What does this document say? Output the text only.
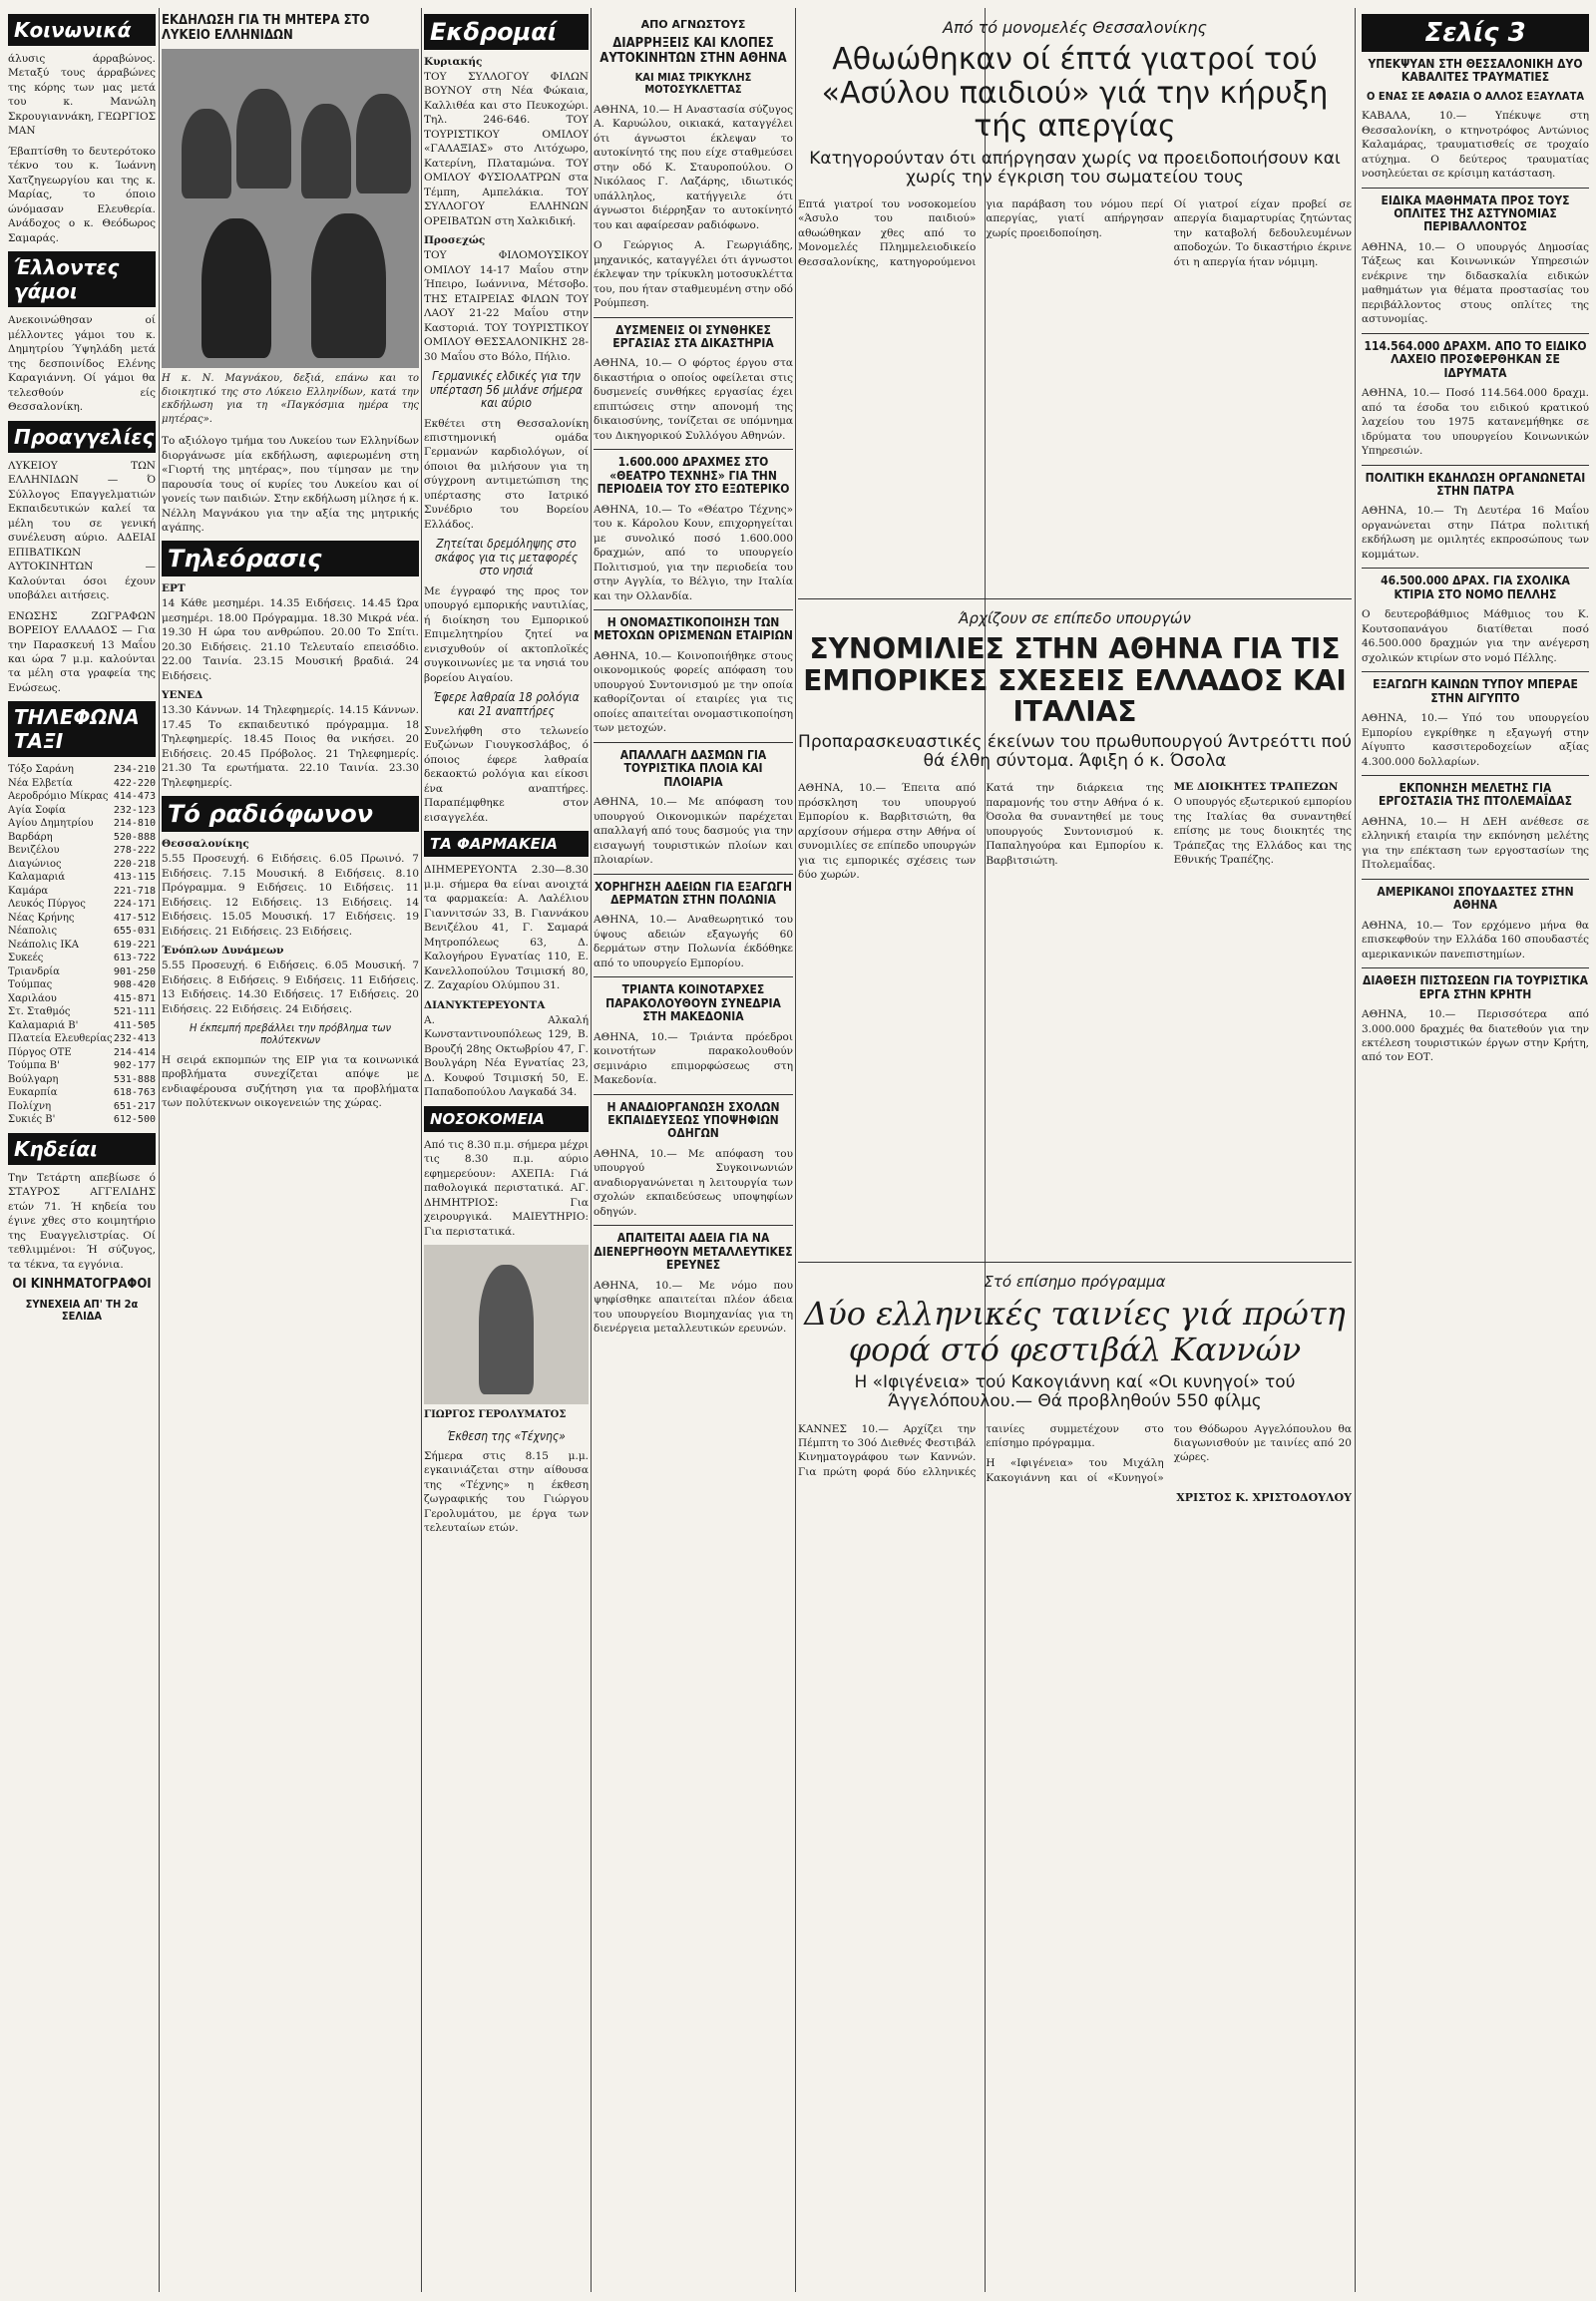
Κοινωνικά

άλυσις άρραβώνος. Μεταξύ τους άρραβώνες της κόρης των μας μετά του κ. Μανώλη Σκρουγιαννάκη, ΓΕΩΡΓΙΟΣ ΜΑΝ

Έβαπτίσθη το δευτερότοκο τέκνο του κ. Ίωάννη Χατζηγεωργίου και της κ. Μαρίας, το όποιο ώνόμασαν Ελευθερία. Ανάδοχος ο κ. Θεόδωρος Σαμαράς.

Έλλοντες γάμοι

Ανεκοινώθησαν οί μέλλοντες γάμοι του κ. Δημητρίου Ύψηλάδη μετά της δεσποινίδος Ελένης Καραγιάννη. Οί γάμοι θα τελεσθούν είς Θεσσαλονίκη.

Προαγγελίες

ΛΥΚΕΙΟΥ ΤΩΝ ΕΛΛΗΝΙΔΩΝ — Ό Σύλλογος Επαγγελματιών Εκπαιδευτικών καλεί τα μέλη του σε γενική συνέλευση αύριο. ΑΔΕΙΑΙ ΕΠΙΒΑΤΙΚΩΝ ΑΥΤΟΚΙΝΗΤΩΝ — Καλούνται όσοι έχουν υποβάλει αιτήσεις.

ΕΝΩΣΗΣ ΖΩΓΡΑΦΩΝ ΒΟΡΕΙΟΥ ΕΛΛΑΔΟΣ — Για την Παρασκευή 13 Μαΐου και ώρα 7 μ.μ. καλούνται τα μέλη στα γραφεία της Ενώσεως.

ΤΗΛΕΦΩΝΑ ΤΑΞΙ
Τόξο Σαράνη	234-210
Νέα Ελβετία	422-220
Αεροδρόμιο Μίκρας	414-473
Αγία Σοφία	232-123
Αγίου Δημητρίου	214-810
Βαρδάρη	520-888
Βενιζέλου	278-222
Διαγώνιος	220-218
Καλαμαριά	413-115
Καμάρα	221-718
Λευκός Πύργος	224-171
Νέας Κρήνης	417-512
Νέαπολις	655-031
Νεάπολις ΙΚΑ	619-221
Συκεές	613-722
Τριανδρία	901-250
Τούμπας	908-420
Χαριλάου	415-871
Στ. Σταθμός	521-111
Καλαμαριά Β'	411-505
Πλατεία Ελευθερίας	232-413
Πύργος ΟΤΕ	214-414
Τούμπα Β'	902-177
Βούλγαρη	531-888
Ευκαρπία	618-763
Πολίχνη	651-217
Συκιές Β'	612-500
Κηδείαι

Την Τετάρτη απεβίωσε ό ΣΤΑΥΡΟΣ ΑΓΓΕΛΙΔΗΣ ετών 71. Ή κηδεία του έγινε χθες στο κοιμητήριο της Ευαγγελιστρίας. Οί τεθλιμμένοι: Ή σύζυγος, τα τέκνα, τα εγγόνια.

ΟΙ ΚΙΝΗΜΑΤΟΓΡΑΦΟΙ
ΣΥΝΕΧΕΙΑ ΑΠ' ΤΗ 2α ΣΕΛΙΔΑ
ΕΚΔΗΛΩΣΗ ΓΙΑ ΤΗ ΜΗΤΕΡΑ ΣΤΟ ΛΥΚΕΙΟ ΕΛΛΗΝΙΔΩΝ
Η κ. Ν. Μαγνάκου, δεξιά, επάνω και το διοικητικό της στο Λύκειο Ελληνίδων, κατά την εκδήλωση για τη «Παγκόσμια ημέρα της μητέρας».

Το αξιόλογο τμήμα του Λυκείου των Ελληνίδων διοργάνωσε μία εκδήλωση, αφιερωμένη στη «Γιορτή της μητέρας», που τίμησαν με την παρουσία τους οί κυρίες του Λυκείου και οί γονείς των παιδιών. Στην εκδήλωση μίλησε ή κ. Νέλλη Μαγνάκου για την αξία της μητρικής αγάπης.

Τηλεόρασις
ΕΡΤ

14 Κάθε μεσημέρι. 14.35 Ειδήσεις. 14.45 Ώρα μεσημέρι. 18.00 Πρόγραμμα. 18.30 Μικρά νέα. 19.30 Η ώρα του ανθρώπου. 20.00 Το Σπίτι. 20.30 Ειδήσεις. 21.10 Τελευταίο επεισόδιο. 22.00 Ταινία. 23.15 Μουσική βραδιά. 24 Ειδήσεις.

ΥΕΝΕΔ

13.30 Κάννων. 14 Τηλεφημερίς. 14.15 Κάννων. 17.45 Το εκπαιδευτικό πρόγραμμα. 18 Τηλεφημερίς. 18.45 Ποιος θα νικήσει. 20 Ειδήσεις. 20.45 Πρόβολος. 21 Τηλεφημερίς. 21.30 Τα ερωτήματα. 22.10 Ταινία. 23.30 Τηλεφημερίς.

Τό ραδιόφωνον
Θεσσαλονίκης

5.55 Προσευχή. 6 Ειδήσεις. 6.05 Πρωινό. 7 Ειδήσεις. 7.15 Μουσική. 8 Ειδήσεις. 8.10 Πρόγραμμα. 9 Ειδήσεις. 10 Ειδήσεις. 11 Ειδήσεις. 12 Ειδήσεις. 13 Ειδήσεις. 14 Ειδήσεις. 15.05 Μουσική. 17 Ειδήσεις. 19 Ειδήσεις. 21 Ειδήσεις. 23 Ειδήσεις.

Ένόπλων Δυνάμεων

5.55 Προσευχή. 6 Ειδήσεις. 6.05 Μουσική. 7 Ειδήσεις. 8 Ειδήσεις. 9 Ειδήσεις. 11 Ειδήσεις. 13 Ειδήσεις. 14.30 Ειδήσεις. 17 Ειδήσεις. 20 Ειδήσεις. 22 Ειδήσεις. 24 Ειδήσεις.

Η έκπεμπή πρεβάλλει την πρόβλημα των πολύτεκνων

Η σειρά εκπομπών της ΕΙΡ για τα κοινωνικά προβλήματα συνεχίζεται απόψε με ενδιαφέρουσα συζήτηση για τα προβλήματα των πολύτεκνων οικογενειών της χώρας.

Εκδρομαί
Κυριακής

ΤΟΥ ΣΥΛΛΟΓΟΥ ΦΙΛΩΝ ΒΟΥΝΟΥ στη Νέα Φώκαια, Καλλιθέα και στο Πευκοχώρι. Τηλ. 246-646. ΤΟΥ ΤΟΥΡΙΣΤΙΚΟΥ ΟΜΙΛΟΥ «ΓΑΛΑΞΙΑΣ» στο Λιτόχωρο, Κατερίνη, Πλαταμώνα. ΤΟΥ ΟΜΙΛΟΥ ΦΥΣΙΟΛΑΤΡΩΝ στα Τέμπη, Αμπελάκια. ΤΟΥ ΣΥΛΛΟΓΟΥ ΕΛΛΗΝΩΝ ΟΡΕΙΒΑΤΩΝ στη Χαλκιδική.

Πρoσεχώς

ΤΟΥ ΦΙΛΟΜΟΥΣΙΚΟΥ ΟΜΙΛΟΥ 14-17 Μαΐου στην Ήπειρο, Ιωάννινα, Μέτσοβο. ΤΗΣ ΕΤΑΙΡΕΙΑΣ ΦΙΛΩΝ ΤΟΥ ΛΑΟΥ 21-22 Μαΐου στην Καστοριά. ΤΟΥ ΤΟΥΡΙΣΤΙΚΟΥ ΟΜΙΛΟΥ ΘΕΣΣΑΛΟΝΙΚΗΣ 28-30 Μαΐου στο Βόλο, Πήλιο.

Γερμανικές ελδικές για την υπέρταση 56 μιλάνε σήμερα και αύριο

Εκθέτει στη Θεσσαλονίκη επιστημονική ομάδα Γερμανών καρδιολόγων, οί όποιοι θα μιλήσουν για τη σύγχρονη αντιμετώπιση της υπέρτασης στο Ιατρικό Συνέδριο του Βορείου Ελλάδος.

Ζητείται δρεμόληψης στο σκάφος για τις μεταφορές στο νησιά

Με έγγραφό της προς τον υπουργό εμπορικής ναυτιλίας, ή διοίκηση του Εμπορικού Επιμελητηρίου ζητεί να ενισχυθούν οί ακτοπλοϊκές συγκοινωνίες με τα νησιά του βορείου Αιγαίου.

Έφερε λαθραία 18 ρολόγια και 21 αναπτήρες

Συνελήφθη στο τελωνείο Ευζώνων Γιουγκοσλάβος, ό όποιος έφερε λαθραία δεκαοκτώ ρολόγια και είκοσι ένα αναπτήρες. Παραπέμφθηκε στον εισαγγελέα.

ΤΑ ΦΑΡΜΑΚΕΙΑ

ΔΙΗΜΕΡΕΥΟΝΤΑ 2.30—8.30 μ.μ. σήμερα θα είναι ανοιχτά τα φαρμακεία: Α. Λαλέλιου Γιαννιτσών 33, Β. Γιαννάκου Βενιζέλου 41, Γ. Σαμαρά Μητροπόλεως 63, Δ. Καλογήρου Εγνατίας 110, Ε. Κανελλοπούλου Τσιμισκή 80, Ζ. Ζαχαρίου Ολύμπου 31.

ΔΙΑΝΥΚΤΕΡΕΥΟΝΤΑ

Α. Αλκαλή Κωνσταντινουπόλεως 129, Β. Βρουζή 28ης Οκτωβρίου 47, Γ. Βουλγάρη Νέα Εγνατίας 23, Δ. Κουφού Τσιμισκή 50, Ε. Παπαδοπούλου Λαγκαδά 34.

ΝΟΣΟΚΟΜΕΙΑ

Από τις 8.30 π.μ. σήμερα μέχρι τις 8.30 π.μ. αύριο εφημερεύουν: ΑΧΕΠΑ: Γιά παθολογικά περιστατικά. ΑΓ. ΔΗΜΗΤΡΙΟΣ: Για χειρουργικά. ΜΑΙΕΥΤΗΡΙΟ: Για περιστατικά.

ΓΙΩΡΓΟΣ ΓΕΡΟΛΥΜΑΤΟΣ
Έκθεση της «Τέχνης»

Σήμερα στις 8.15 μ.μ. εγκαινιάζεται στην αίθουσα της «Τέχνης» η έκθεση ζωγραφικής του Γιώργου Γερολυμάτου, με έργα των τελευταίων ετών.

ΑΠΟ ΑΓΝΩΣΤΟΥΣ
ΔΙΑΡΡΗΞΕΙΣ ΚΑΙ ΚΛΟΠΕΣ ΑΥΤΟΚΙΝΗΤΩΝ ΣΤΗΝ ΑΘΗΝΑ
ΚΑΙ ΜΙΑΣ ΤΡΙΚΥΚΛΗΣ ΜΟΤΟΣΥΚΛΕΤΤΑΣ

ΑΘΗΝΑ, 10.— Η Αναστασία σύζυγος Α. Καρυώλου, οικιακά, καταγγέλει ότι άγνωστοι έκλεψαν το αυτοκίνητό της που είχε σταθμεύσει στην οδό Κ. Σταυροπούλου. Ο Νικόλαος Γ. Λαζάρης, ιδιωτικός υπάλληλος, κατήγγειλε ότι άγνωστοι διέρρηξαν το αυτοκίνητό του και αφαίρεσαν ραδιόφωνο.

Ο Γεώργιος Α. Γεωργιάδης, μηχανικός, καταγγέλει ότι άγνωστοι έκλεψαν την τρίκυκλη μοτοσυκλέττα του, που ήταν σταθμευμένη στην οδό Ρούμπεση.

ΔΥΣΜΕΝΕΙΣ ΟΙ ΣΥΝΘΗΚΕΣ ΕΡΓΑΣΙΑΣ ΣΤΑ ΔΙΚΑΣΤΗΡΙΑ

ΑΘΗΝΑ, 10.— Ο φόρτος έργου στα δικαστήρια ο οποίος οφείλεται στις δυσμενείς συνθήκες εργασίας έχει επιπτώσεις στην απονομή της δικαιοσύνης, τονίζεται σε υπόμνημα του Δικηγορικού Συλλόγου Αθηνών.

1.600.000 ΔΡΑΧΜΕΣ ΣΤΟ «ΘΕΑΤΡΟ ΤΕΧΝΗΣ» ΓΙΑ ΤΗΝ ΠΕΡΙΟΔΕΙΑ ΤΟΥ ΣΤΟ ΕΞΩΤΕΡΙΚΟ

ΑΘΗΝΑ, 10.— Το «Θέατρο Τέχνης» του κ. Κάρολου Κουν, επιχορηγείται με συνολικό ποσό 1.600.000 δραχμών, από το υπουργείο Πολιτισμού, για την περιοδεία του στην Αγγλία, το Βέλγιο, την Ιταλία και την Ολλανδία.

Η ΟΝΟΜΑΣΤΙΚΟΠΟΙΗΣΗ ΤΩΝ ΜΕΤΟΧΩΝ ΟΡΙΣΜΕΝΩΝ ΕΤΑΙΡΙΩΝ

ΑΘΗΝΑ, 10.— Κοινοποιήθηκε στους οικονομικούς φορείς απόφαση του υπουργού Συντονισμού με την οποία καθορίζονται οί εταιρίες για τις οποίες απαιτείται ονομαστικοποίηση των μετοχών.

ΑΠΑΛΛΑΓΗ ΔΑΣΜΩΝ ΓΙΑ ΤΟΥΡΙΣΤΙΚΑ ΠΛΟΙΑ ΚΑΙ ΠΛΟΙΑΡΙΑ

ΑΘΗΝΑ, 10.— Με απόφαση του υπουργού Οικονομικών παρέχεται απαλλαγή από τους δασμούς για την εισαγωγή τουριστικών πλοίων και πλοιαρίων.

ΧΟΡΗΓΗΣΗ ΑΔΕΙΩΝ ΓΙΑ ΕΞΑΓΩΓΗ ΔΕΡΜΑΤΩΝ ΣΤΗΝ ΠΟΛΩΝΙΑ

ΑΘΗΝΑ, 10.— Αναθεωρητικό του ύψους αδειών εξαγωγής 60 δερμάτων στην Πολωνία έκδόθηκε από το υπουργείο Εμπορίου.

ΤΡΙΑΝΤΑ ΚΟΙΝΟΤΑΡΧΕΣ ΠΑΡΑΚΟΛΟΥΘΟΥΝ ΣΥΝΕΔΡΙΑ ΣΤΗ ΜΑΚΕΔΟΝΙΑ

ΑΘΗΝΑ, 10.— Τριάντα πρόεδροι κοινοτήτων παρακολουθούν σεμινάριο επιμορφώσεως στη Μακεδονία.

Η ΑΝΑΔΙΟΡΓΑΝΩΣΗ ΣΧΟΛΩΝ ΕΚΠΑΙΔΕΥΣΕΩΣ ΥΠΟΨΗΦΙΩΝ ΟΔΗΓΩΝ

ΑΘΗΝΑ, 10.— Με απόφαση του υπουργού Συγκοινωνιών αναδιοργανώνεται η λειτουργία των σχολών εκπαιδεύσεως υποψηφίων οδηγών.

ΑΠΑΙΤΕΙΤΑΙ ΑΔΕΙΑ ΓΙΑ ΝΑ ΔΙΕΝΕΡΓΗΘΟΥΝ ΜΕΤΑΛΛΕΥΤΙΚΕΣ ΕΡΕΥΝΕΣ

ΑΘΗΝΑ, 10.— Με νόμο που ψηφίσθηκε απαιτείται πλέον άδεια του υπουργείου Βιομηχανίας για τη διενέργεια μεταλλευτικών ερευνών.

Από τό μονομελές Θεσσαλονίκης
Αθωώθηκαν οί έπτά γιατροί τού «Ασύλου παιδιού» γιά την κήρυξη τής απεργίας
Κατηγορούνταν ότι απήργησαν χωρίς να προειδοποιήσουν και χωρίς την έγκριση του σωματείου τους

Επτά γιατροί του νοσοκομείου «Άσυλο του παιδιού» αθωώθηκαν χθες από το Μονομελές Πλημμελειοδικείο Θεσσαλονίκης, κατηγορούμενοι για παράβαση του νόμου περί απεργίας, γιατί απήργησαν χωρίς προειδοποίηση.

Οί γιατροί είχαν προβεί σε απεργία διαμαρτυρίας ζητώντας την καταβολή δεδουλευμένων αποδοχών. Το δικαστήριο έκρινε ότι η απεργία ήταν νόμιμη.

Άρχίζουν σε επίπεδο υπουργών
ΣΥΝΟΜΙΛΙΕΣ ΣΤΗΝ ΑΘΗΝΑ ΓΙΑ ΤΙΣ ΕΜΠΟΡΙΚΕΣ ΣΧΕΣΕΙΣ ΕΛΛΑΔΟΣ ΚΑΙ ΙΤΑΛΙΑΣ
Προπαρασκευαστικές έκείνων του πρωθυπουργού Άντρεόττι πού θά έλθη σύντομα. Άφιξη ό κ. Όσολα

ΑΘΗΝΑ, 10.— Έπειτα από πρόσκληση του υπουργού Εμπορίου κ. Βαρβιτσιώτη, θα αρχίσουν σήμερα στην Αθήνα οί συνομιλίες σε επίπεδο υπουργών για τις εμπορικές σχέσεις των δύο χωρών.

Κατά την διάρκεια της παραμονής του στην Αθήνα ό κ. Όσολα θα συναντηθεί με τους υπουργούς Συντονισμού κ. Παπαληγούρα και Εμπορίου κ. Βαρβιτσιώτη.

ΜΕ ΔΙΟΙΚΗΤΕΣ ΤΡΑΠΕΖΩΝ

Ο υπουργός εξωτερικού εμπορίου της Ιταλίας θα συναντηθεί επίσης με τους διοικητές της Τράπεζας της Ελλάδος και της Εθνικής Τραπέζης.

Στό επίσημο πρόγραμμα
Δύο ελληνικές ταινίες γιά πρώτη φορά στό φεστιβάλ Καννών
Η «Ιφιγένεια» τού Κακογιάννη καί «Οι κυνηγοί» τού Άγγελόπουλου.— Θά προβληθούν 550 φίλμς

ΚΑΝΝΕΣ 10.— Αρχίζει την Πέμπτη το 30ό Διεθνές Φεστιβάλ Κινηματογράφου των Καννών. Για πρώτη φορά δύο ελληνικές ταινίες συμμετέχουν στο επίσημο πρόγραμμα.

Η «Ιφιγένεια» του Μιχάλη Κακογιάννη και οί «Κυνηγοί» του Θόδωρου Αγγελόπουλου θα διαγωνισθούν με ταινίες από 20 χώρες.

ΧΡΙΣΤΟΣ Κ. ΧΡΙΣΤΟΔΟΥΛΟΥ
Σελίς 3
ΥΠΕΚΨΥΑΝ ΣΤΗ ΘΕΣΣΑΛΟΝΙΚΗ ΔΥΟ ΚΑΒΑΛΙΤΕΣ ΤΡΑΥΜΑΤΙΕΣ
Ο ΕΝΑΣ ΣΕ ΑΦΑΣΙΑ Ο ΑΛΛΟΣ ΕΞΑΥΛΑΤΑ

ΚΑΒΑΛΑ, 10.— Υπέκυψε στη Θεσσαλονίκη, ο κτηνοτρόφος Αντώνιος Καλαμάρας, τραυματισθείς σε τροχαίο ατύχημα. Ο δεύτερος τραυματίας νοσηλεύεται σε κρίσιμη κατάσταση.

ΕΙΔΙΚΑ ΜΑΘΗΜΑΤΑ ΠΡΟΣ ΤΟΥΣ ΟΠΛΙΤΕΣ ΤΗΣ ΑΣΤΥΝΟΜΙΑΣ ΠΕΡΙΒΑΛΛΟΝΤΟΣ

ΑΘΗΝΑ, 10.— Ο υπουργός Δημοσίας Τάξεως και Κοινωνικών Υπηρεσιών ενέκρινε την διδασκαλία ειδικών μαθημάτων για θέματα προστασίας του περιβάλλοντος στους οπλίτες της αστυνομίας.

114.564.000 ΔΡΑΧΜ. ΑΠΟ ΤΟ ΕΙΔΙΚΟ ΛΑΧΕΙΟ ΠΡΟΣΦΕΡΘΗΚΑΝ ΣΕ ΙΔΡΥΜΑΤΑ

ΑΘΗΝΑ, 10.— Ποσό 114.564.000 δραχμ. από τα έσοδα του ειδικού κρατικού λαχείου του 1975 κατανεμήθηκε σε ιδρύματα του υπουργείου Κοινωνικών Υπηρεσιών.

ΠΟΛΙΤΙΚΗ ΕΚΔΗΛΩΣΗ ΟΡΓΑΝΩΝΕΤΑΙ ΣΤΗΝ ΠΑΤΡΑ

ΑΘΗΝΑ, 10.— Τη Δευτέρα 16 Μαΐου οργανώνεται στην Πάτρα πολιτική εκδήλωση με ομιλητές εκπροσώπους των κομμάτων.

46.500.000 ΔΡΑΧ. ΓΙΑ ΣΧΟΛΙΚΑ ΚΤΙΡΙΑ ΣΤΟ ΝΟΜΟ ΠΕΛΛΗΣ

Ο δευτεροβάθμιος Μάθμιος του Κ. Κουτσοπανάγου διατίθεται ποσό 46.500.000 δραχμών για την ανέγερση σχολικών κτιρίων στο νομό Πέλλης.

ΕΞΑΓΩΓΗ ΚΑΙΝΩΝ ΤΥΠΟΥ ΜΠΕΡΑΕ ΣΤΗΝ ΑΙΓΥΠΤΟ

ΑΘΗΝΑ, 10.— Υπό του υπουργείου Εμπορίου εγκρίθηκε η εξαγωγή στην Αίγυπτο κασσιτεροδοχείων αξίας 4.300.000 δολλαρίων.

ΕΚΠΟΝΗΣΗ ΜΕΛΕΤΗΣ ΓΙΑ ΕΡΓΟΣΤΑΣΙΑ ΤΗΣ ΠΤΟΛΕΜΑΪΔΑΣ

ΑΘΗΝΑ, 10.— Η ΔΕΗ ανέθεσε σε ελληνική εταιρία την εκπόνηση μελέτης για την επέκταση των εργοστασίων της Πτολεμαΐδας.

ΑΜΕΡΙΚΑΝΟΙ ΣΠΟΥΔΑΣΤΕΣ ΣΤΗΝ ΑΘΗΝΑ

ΑΘΗΝΑ, 10.— Τον ερχόμενο μήνα θα επισκεφθούν την Ελλάδα 160 σπουδαστές αμερικανικών πανεπιστημίων.

ΔΙΑΘΕΣΗ ΠΙΣΤΩΣΕΩΝ ΓΙΑ ΤΟΥΡΙΣΤΙΚΑ ΕΡΓΑ ΣΤΗΝ ΚΡΗΤΗ

ΑΘΗΝΑ, 10.— Περισσότερα από 3.000.000 δραχμές θα διατεθούν για την εκτέλεση τουριστικών έργων στην Κρήτη, από τον ΕΟΤ.
